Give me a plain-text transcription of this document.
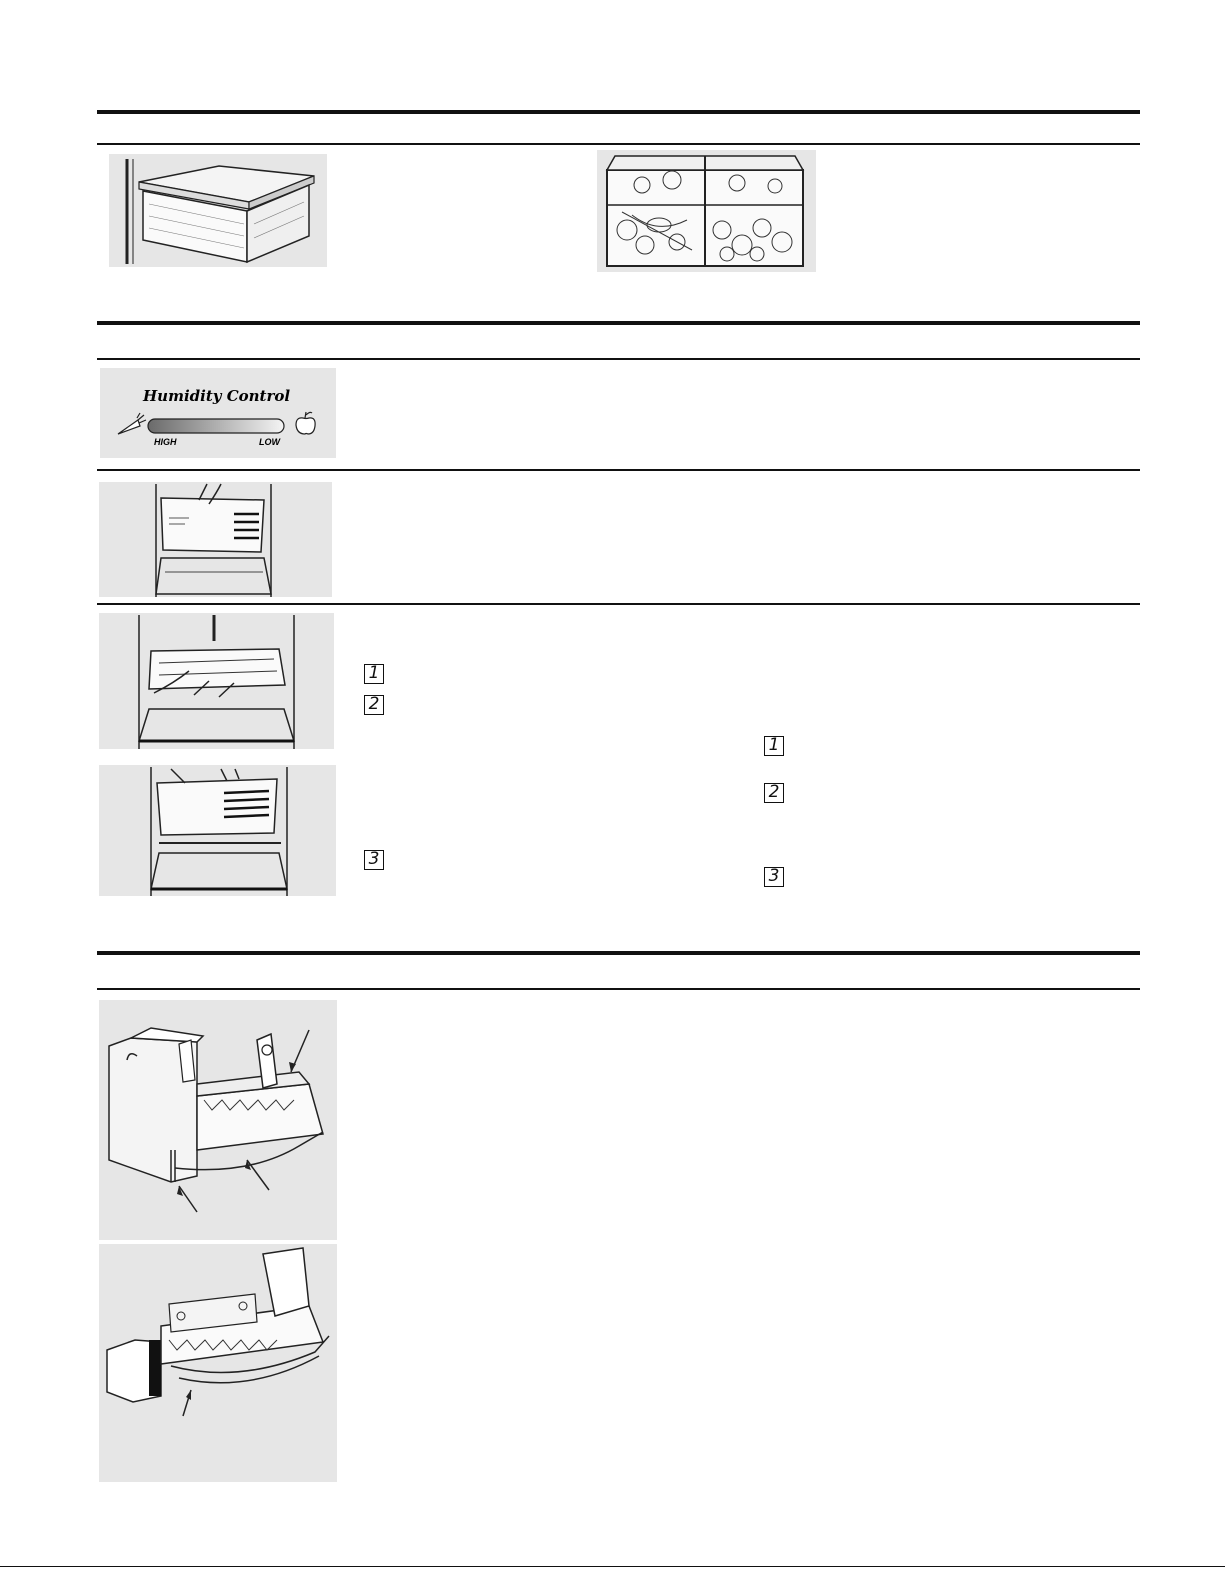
Humidity Control
HIGH	LOW
1
2
3
1
2
3
